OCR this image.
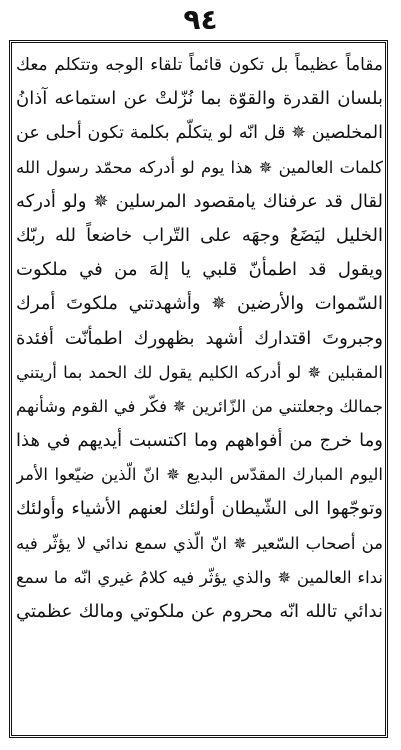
٩٤
مقاماً عظيماً بل تكون قائماً تلقاء الوجه وتتكلم معك
بلسان القدرة والقوّة بما نُزّلتْ عن استماعه آذانُ
المخلصين ✵ قل انّه لو يتكلّم بكلمة تكون أحلى عن
كلمات العالمين ✵ هذا يوم لو أدركه محمّد رسول الله
لقال قد عرفناك يامقصود المرسلين ✵ ولو أدركه
الخليل ليَضَعُ وجهَه على التّراب خاضعاً لله ربّك
ويقول قد اطمأنّ قلبي يا إلهَ من في ملكوت
السّموات والأرضين ✵ وأشهدتني ملكوتَ أمرك
وجبروتَ اقتدارك أشهد بظهورك اطمأنّت أفئدة
المقبلين ✵ لو أدركه الكليم يقول لك الحمد بما أريتني
جمالك وجعلتني من الزّائرين ✵ فكّر في القوم وشأنهم
وما خرج من أفواههم وما اكتسبت أيديهم في هذا
اليوم المبارك المقدّس البديع ✵ انّ الّذين ضيّعوا الأمر
وتوجّهوا الى الشّيطان أولئك لعنهم الأشياء وأولئك
من أصحاب السّعير ✵ انّ الّذي سمع ندائي لا يؤثّر فيه
نداء العالمين ✵ والذي يؤثّر فيه كلامُ غيري انّه ما سمع
ندائي تالله انّه محروم عن ملكوتي ومالك عظمتي
